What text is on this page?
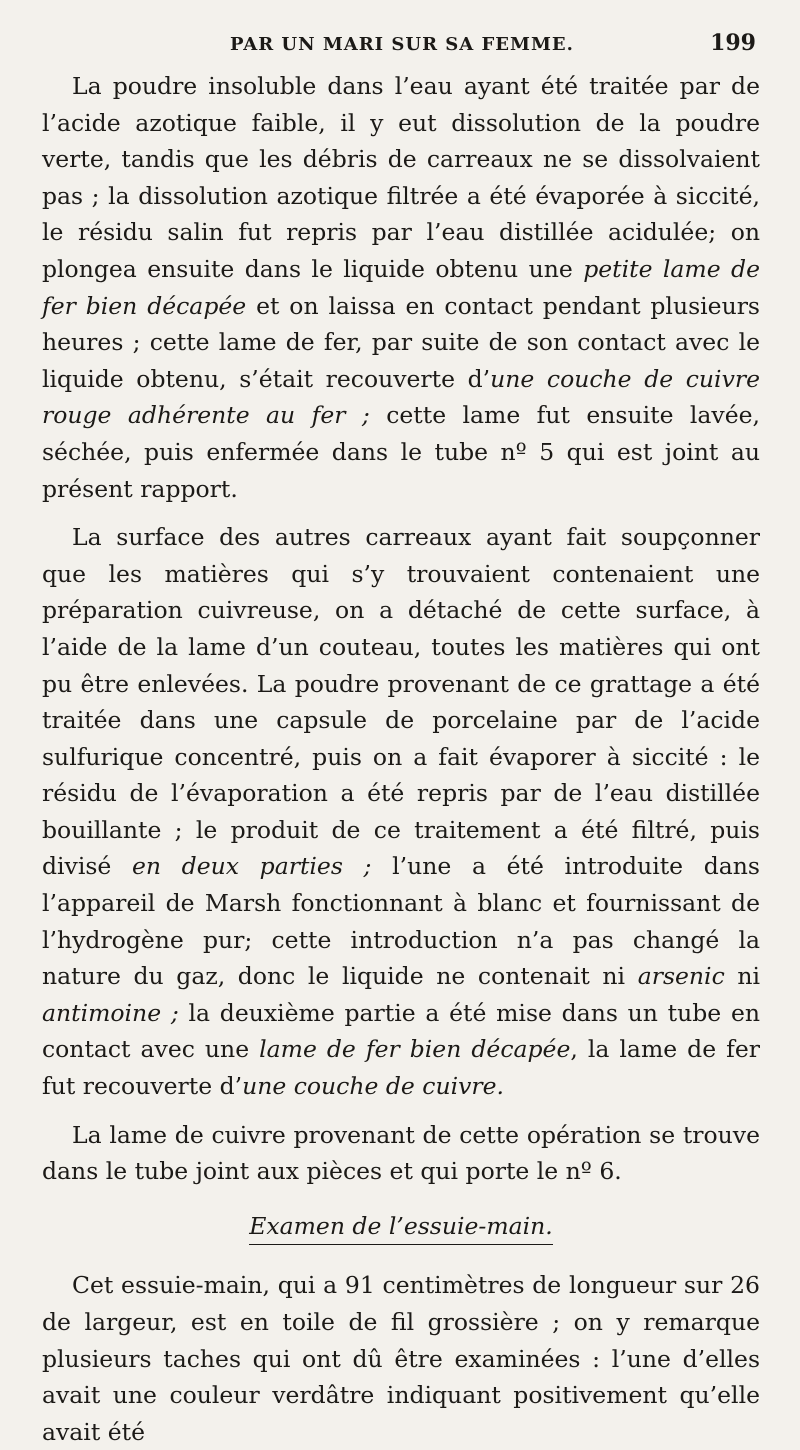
PAR UN MARI SUR SA FEMME.	199

La poudre insoluble dans l’eau ayant été traitée par de l’acide azotique faible, il y eut dissolution de la poudre verte, tandis que les débris de carreaux ne se dissolvaient pas ; la dissolution azotique filtrée a été évaporée à siccité, le résidu salin fut repris par l’eau distillée acidulée; on plongea ensuite dans le liquide obtenu une petite lame de fer bien décapée et on laissa en contact pendant plusieurs heures ; cette lame de fer, par suite de son contact avec le liquide obtenu, s’était recouverte d’une couche de cuivre rouge adhérente au fer ; cette lame fut ensuite lavée, séchée, puis enfermée dans le tube nº 5 qui est joint au présent rapport.

La surface des autres carreaux ayant fait soupçonner que les matières qui s’y trouvaient contenaient une préparation cuivreuse, on a détaché de cette surface, à l’aide de la lame d’un couteau, toutes les matières qui ont pu être enlevées. La poudre provenant de ce grattage a été traitée dans une capsule de porcelaine par de l’acide sulfurique concentré, puis on a fait évaporer à siccité : le résidu de l’évaporation a été repris par de l’eau distillée bouillante ; le produit de ce traitement a été filtré, puis divisé en deux parties ; l’une a été introduite dans l’appareil de Marsh fonctionnant à blanc et fournissant de l’hydrogène pur; cette introduction n’a pas changé la nature du gaz, donc le liquide ne contenait ni arsenic ni antimoine ; la deuxième partie a été mise dans un tube en contact avec une lame de fer bien décapée, la lame de fer fut recouverte d’une couche de cuivre.

La lame de cuivre provenant de cette opération se trouve dans le tube joint aux pièces et qui porte le nº 6.

Examen de l’essuie-main.

Cet essuie-main, qui a 91 centimètres de longueur sur 26 de largeur, est en toile de fil grossière ; on y remarque plusieurs taches qui ont dû être examinées : l’une d’elles avait une couleur verdâtre indiquant positivement qu’elle avait été
